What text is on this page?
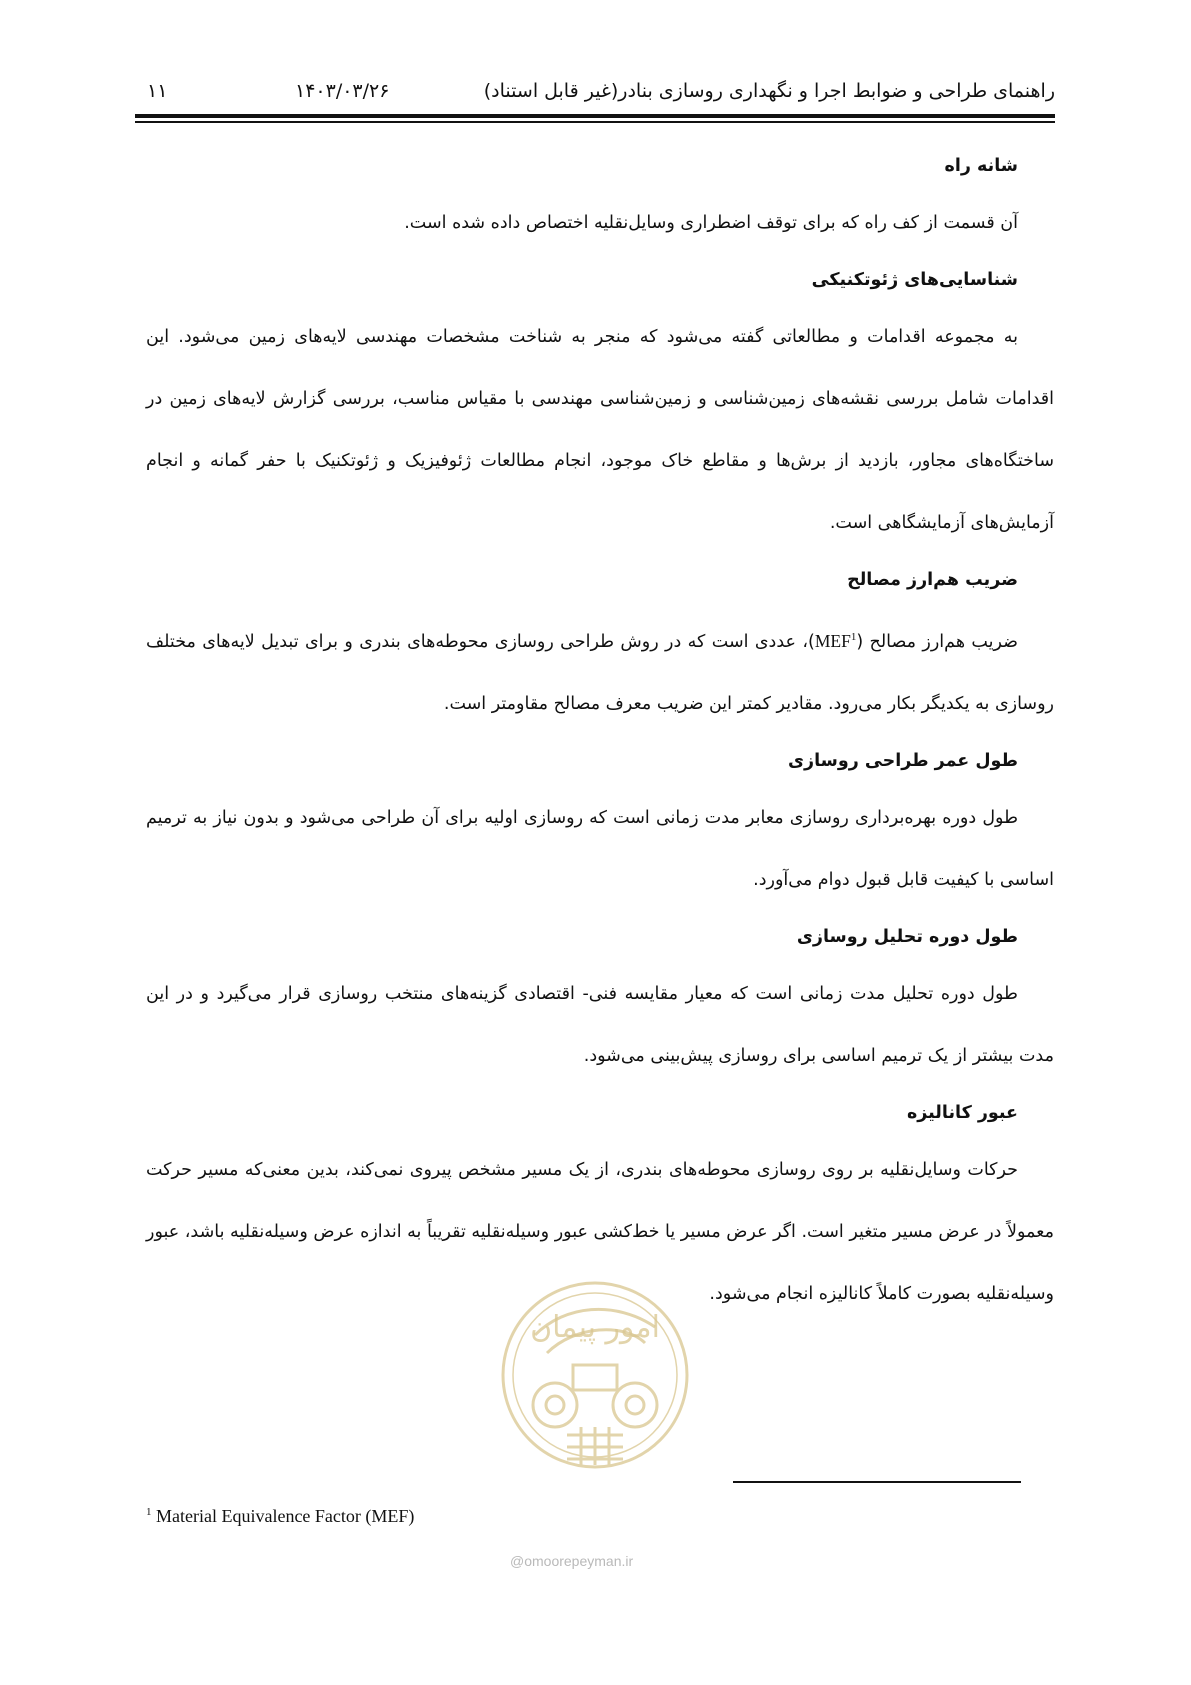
راهنمای طراحی و ضوابط اجرا و نگهداری روسازی بنادر(غیر قابل استناد)
۱۴۰۳/۰۳/۲۶
۱۱
شانه راه

آن قسمت از کف راه که برای توقف اضطراری وسایل‌نقلیه اختصاص داده شده است.

شناسایی‌های ژئوتکنیکی

به مجموعه اقدامات و مطالعاتی گفته می‌شود که منجر به شناخت مشخصات مهندسی لایه‌های زمین می‌شود. این اقدامات شامل بررسی نقشه‌های زمین‌شناسی و زمین‌شناسی مهندسی با مقیاس مناسب، بررسی گزارش لایه‌های زمین در ساختگاه‌های مجاور، بازدید از برش‌ها و مقاطع خاک موجود، انجام مطالعات ژئوفیزیک و ژئوتکنیک با حفر گمانه و انجام آزمایش‌های آزمایشگاهی است.

ضریب هم‌ارز مصالح

ضریب هم‌ارز مصالح (MEF$^1$)، عددی است که در روش طراحی روسازی محوطه‌های بندری و برای تبدیل لایه‌های مختلف روسازی به یکدیگر بکار می‌رود. مقادیر کمتر این ضریب معرف مصالح مقاومتر است.

طول عمر طراحی روسازی

طول دوره بهره‌برداری روسازی معابر مدت زمانی است که روسازی اولیه برای آن طراحی می‌شود و بدون نیاز به ترمیم اساسی با کیفیت قابل قبول دوام می‌آورد.

طول دوره تحلیل روسازی

طول دوره تحلیل مدت زمانی است که معیار مقایسه فنی- اقتصادی گزینه‌های منتخب روسازی قرار می‌گیرد و در این مدت بیشتر از یک ترمیم اساسی برای روسازی پیش‌بینی می‌شود.

عبور کانالیزه

حرکات وسایل‌نقلیه بر روی روسازی محوطه‌های بندری، از یک مسیر مشخص پیروی نمی‌کند، بدین معنی‌که مسیر حرکت معمولاً در عرض مسیر متغیر است. اگر عرض مسیر یا خط‌کشی عبور وسیله‌نقلیه تقریباً به اندازه عرض وسیله‌نقلیه باشد، عبور وسیله‌نقلیه بصورت کاملاً کانالیزه انجام می‌شود.

امور پیمان
@omoorepeyman.ir
$^1$ Material Equivalence Factor (MEF)
